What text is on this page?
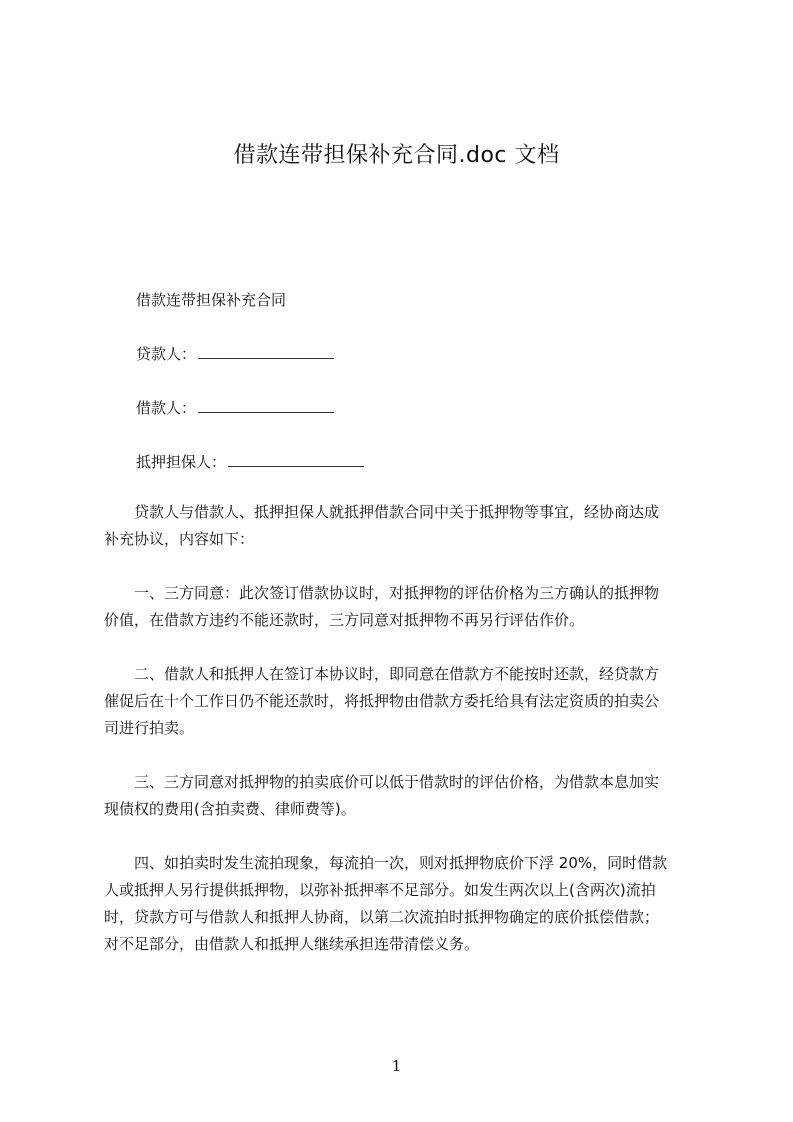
借款连带担保补充合同.doc 文档
借款连带担保补充合同
贷款人：
借款人：
抵押担保人：
　　贷款人与借款人、抵押担保人就抵押借款合同中关于抵押物等事宜，经协商达成
补充协议，内容如下：
　　一、三方同意：此次签订借款协议时，对抵押物的评估价格为三方确认的抵押物
价值，在借款方违约不能还款时，三方同意对抵押物不再另行评估作价。
　　二、借款人和抵押人在签订本协议时，即同意在借款方不能按时还款，经贷款方
催促后在十个工作日仍不能还款时，将抵押物由借款方委托给具有法定资质的拍卖公
司进行拍卖。
　　三、三方同意对抵押物的拍卖底价可以低于借款时的评估价格，为借款本息加实
现债权的费用(含拍卖费、律师费等)。
　　四、如拍卖时发生流拍现象，每流拍一次，则对抵押物底价下浮 20%，同时借款
人或抵押人另行提供抵押物，以弥补抵押率不足部分。如发生两次以上(含两次)流拍
时，贷款方可与借款人和抵押人协商，以第二次流拍时抵押物确定的底价抵偿借款；
对不足部分，由借款人和抵押人继续承担连带清偿义务。
1
